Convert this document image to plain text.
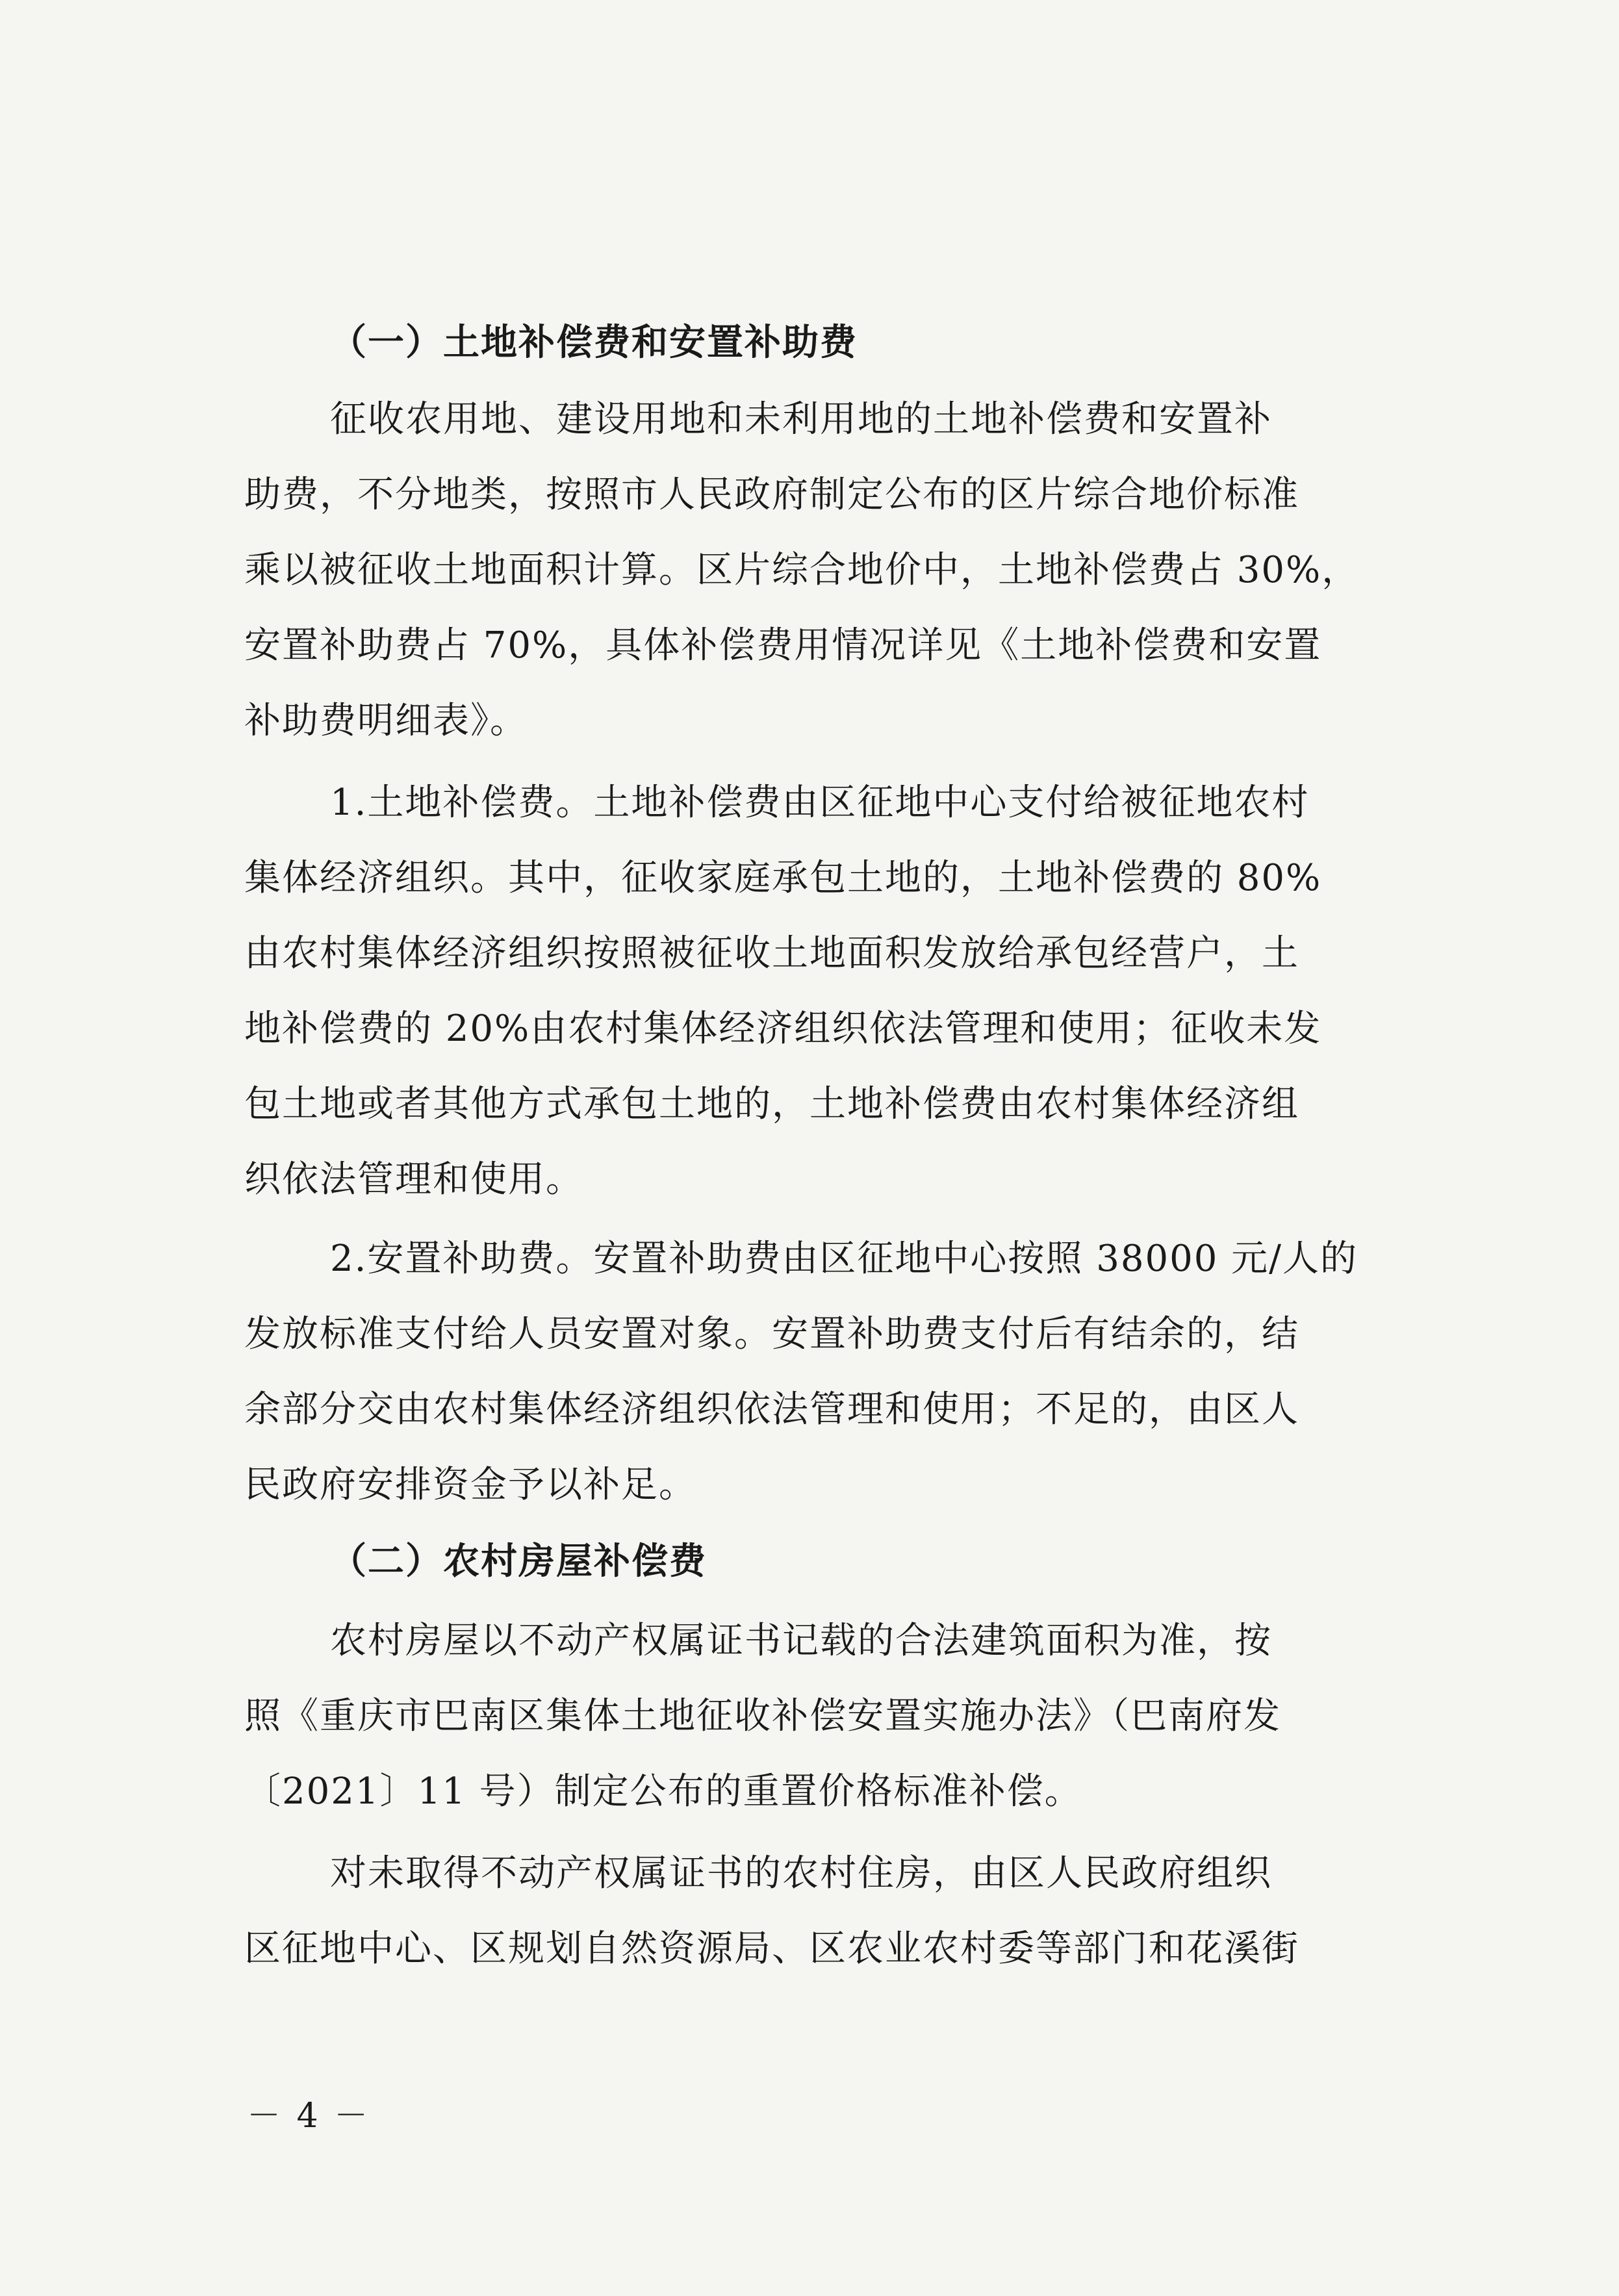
（一）土地补偿费和安置补助费
征收农用地、建设用地和未利用地的土地补偿费和安置补
助费，不分地类，按照市人民政府制定公布的区片综合地价标准
乘以被征收土地面积计算。区片综合地价中，土地补偿费占 30%，
安置补助费占 70%，具体补偿费用情况详见《土地补偿费和安置
补助费明细表》。
1.土地补偿费。土地补偿费由区征地中心支付给被征地农村
集体经济组织。其中，征收家庭承包土地的，土地补偿费的 80%
由农村集体经济组织按照被征收土地面积发放给承包经营户，土
地补偿费的 20%由农村集体经济组织依法管理和使用；征收未发
包土地或者其他方式承包土地的，土地补偿费由农村集体经济组
织依法管理和使用。
2.安置补助费。安置补助费由区征地中心按照 38000 元/人的
发放标准支付给人员安置对象。安置补助费支付后有结余的，结
余部分交由农村集体经济组织依法管理和使用；不足的，由区人
民政府安排资金予以补足。
（二）农村房屋补偿费
农村房屋以不动产权属证书记载的合法建筑面积为准，按
照《重庆市巴南区集体土地征收补偿安置实施办法》（巴南府发
〔2021〕11 号）制定公布的重置价格标准补偿。
对未取得不动产权属证书的农村住房，由区人民政府组织
区征地中心、区规划自然资源局、区农业农村委等部门和花溪街
－ 4 －
